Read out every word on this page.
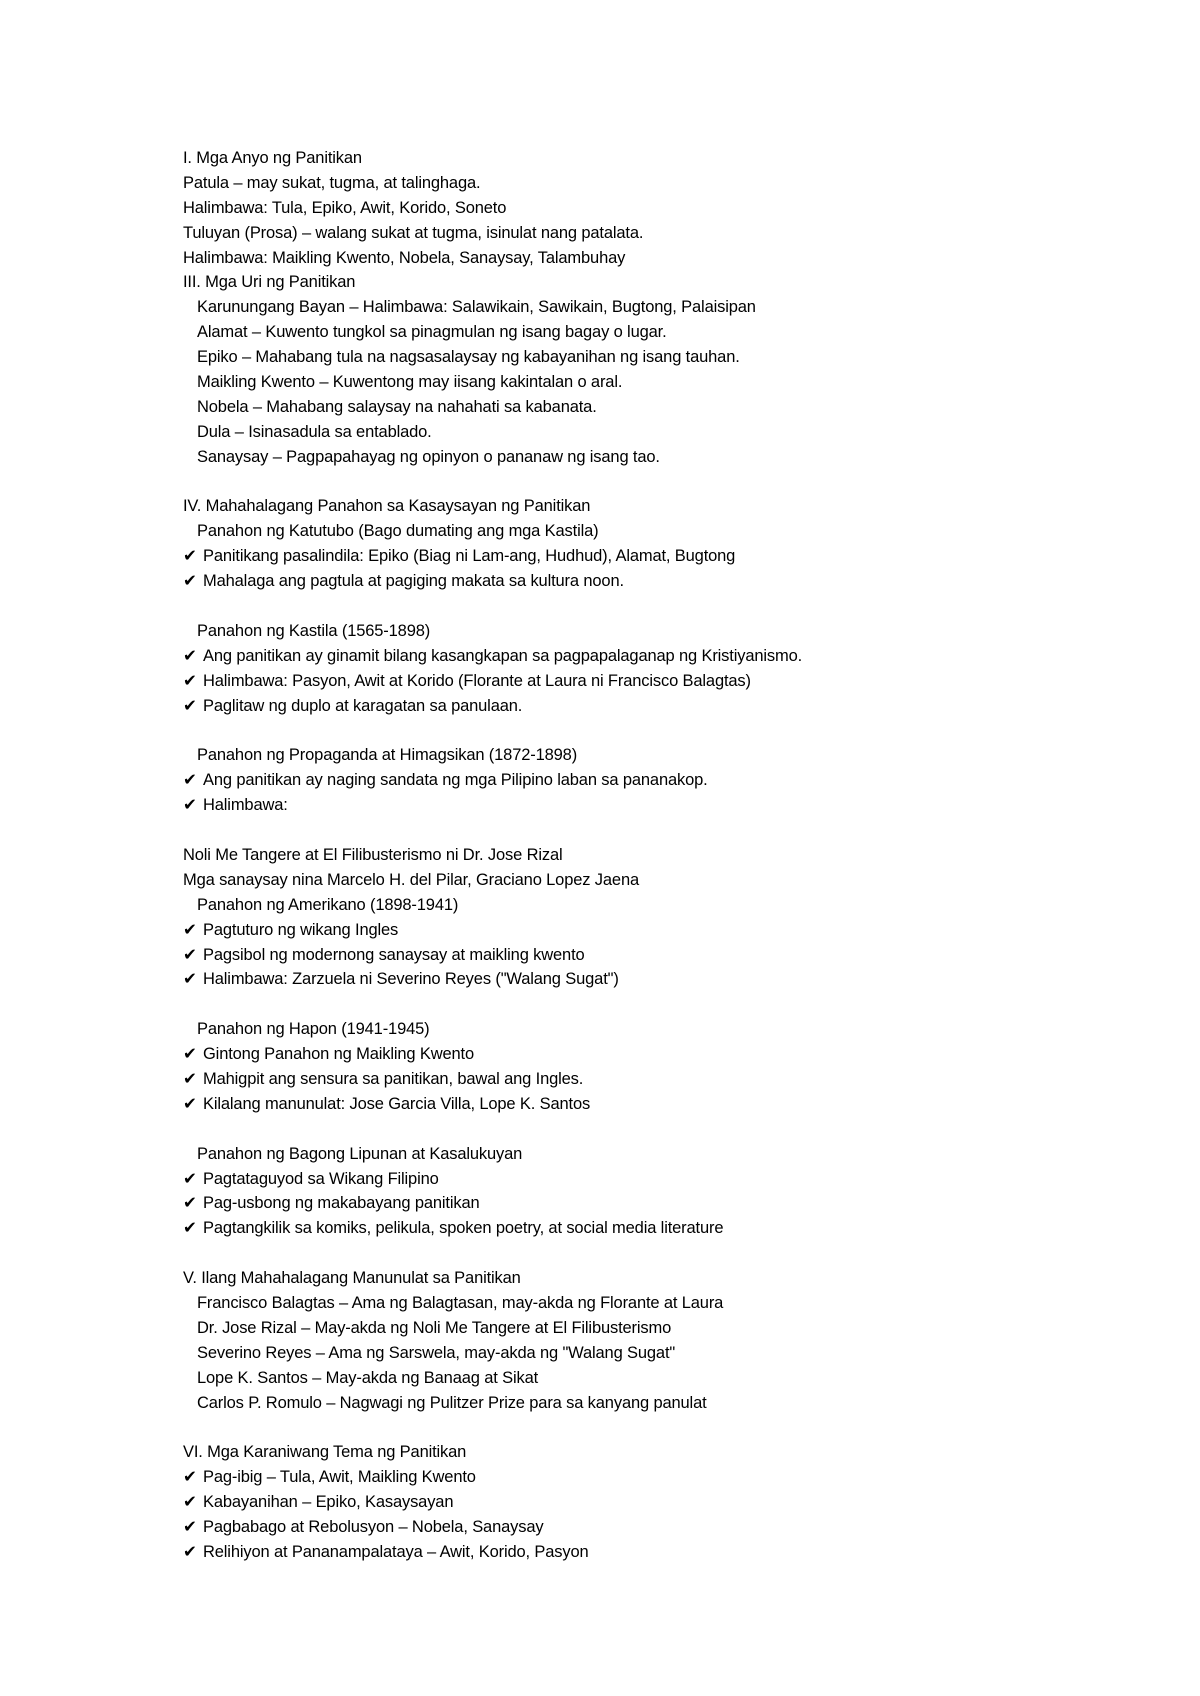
I. Mga Anyo ng Panitikan
Patula – may sukat, tugma, at talinghaga.
Halimbawa: Tula, Epiko, Awit, Korido, Soneto
Tuluyan (Prosa) – walang sukat at tugma, isinulat nang patalata.
Halimbawa: Maikling Kwento, Nobela, Sanaysay, Talambuhay
III. Mga Uri ng Panitikan
Karunungang Bayan – Halimbawa: Salawikain, Sawikain, Bugtong, Palaisipan
Alamat – Kuwento tungkol sa pinagmulan ng isang bagay o lugar.
Epiko – Mahabang tula na nagsasalaysay ng kabayanihan ng isang tauhan.
Maikling Kwento – Kuwentong may iisang kakintalan o aral.
Nobela – Mahabang salaysay na nahahati sa kabanata.
Dula – Isinasadula sa entablado.
Sanaysay – Pagpapahayag ng opinyon o pananaw ng isang tao.
IV. Mahahalagang Panahon sa Kasaysayan ng Panitikan
Panahon ng Katutubo (Bago dumating ang mga Kastila)
✔ Panitikang pasalindila: Epiko (Biag ni Lam-ang, Hudhud), Alamat, Bugtong
✔ Mahalaga ang pagtula at pagiging makata sa kultura noon.
Panahon ng Kastila (1565-1898)
✔ Ang panitikan ay ginamit bilang kasangkapan sa pagpapalaganap ng Kristiyanismo.
✔ Halimbawa: Pasyon, Awit at Korido (Florante at Laura ni Francisco Balagtas)
✔ Paglitaw ng duplo at karagatan sa panulaan.
Panahon ng Propaganda at Himagsikan (1872-1898)
✔ Ang panitikan ay naging sandata ng mga Pilipino laban sa pananakop.
✔ Halimbawa:
Noli Me Tangere at El Filibusterismo ni Dr. Jose Rizal
Mga sanaysay nina Marcelo H. del Pilar, Graciano Lopez Jaena
Panahon ng Amerikano (1898-1941)
✔ Pagtuturo ng wikang Ingles
✔ Pagsibol ng modernong sanaysay at maikling kwento
✔ Halimbawa: Zarzuela ni Severino Reyes ("Walang Sugat")
Panahon ng Hapon (1941-1945)
✔ Gintong Panahon ng Maikling Kwento
✔ Mahigpit ang sensura sa panitikan, bawal ang Ingles.
✔ Kilalang manunulat: Jose Garcia Villa, Lope K. Santos
Panahon ng Bagong Lipunan at Kasalukuyan
✔ Pagtataguyod sa Wikang Filipino
✔ Pag-usbong ng makabayang panitikan
✔ Pagtangkilik sa komiks, pelikula, spoken poetry, at social media literature
V. Ilang Mahahalagang Manunulat sa Panitikan
Francisco Balagtas – Ama ng Balagtasan, may-akda ng Florante at Laura
Dr. Jose Rizal – May-akda ng Noli Me Tangere at El Filibusterismo
Severino Reyes – Ama ng Sarswela, may-akda ng "Walang Sugat"
Lope K. Santos – May-akda ng Banaag at Sikat
Carlos P. Romulo – Nagwagi ng Pulitzer Prize para sa kanyang panulat
VI. Mga Karaniwang Tema ng Panitikan
✔ Pag-ibig – Tula, Awit, Maikling Kwento
✔ Kabayanihan – Epiko, Kasaysayan
✔ Pagbabago at Rebolusyon – Nobela, Sanaysay
✔ Relihiyon at Pananampalataya – Awit, Korido, Pasyon
